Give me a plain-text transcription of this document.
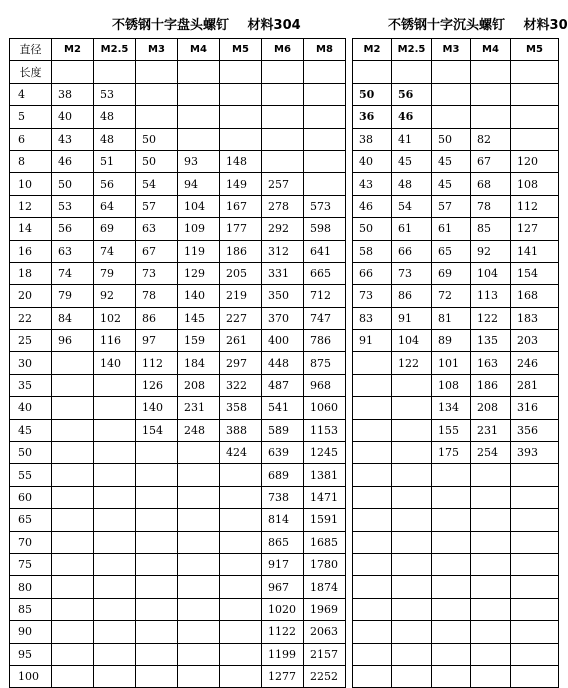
不锈钢十字盘头螺钉 材料304	不锈钢十字沉头螺钉 材料30
直径	M2	M2.5	M3	M4	M5	M6	M8
长度							
4	38	53					
5	40	48					
6	43	48	50				
8	46	51	50	93	148		
10	50	56	54	94	149	257	
12	53	64	57	104	167	278	573
14	56	69	63	109	177	292	598
16	63	74	67	119	186	312	641
18	74	79	73	129	205	331	665
20	79	92	78	140	219	350	712
22	84	102	86	145	227	370	747
25	96	116	97	159	261	400	786
30		140	112	184	297	448	875
35			126	208	322	487	968
40			140	231	358	541	1060
45			154	248	388	589	1153
50					424	639	1245
55						689	1381
60						738	1471
65						814	1591
70						865	1685
75						917	1780
80						967	1874
85						1020	1969
90						1122	2063
95						1199	2157
100						1277	2252
M2	M2.5	M3	M4	M5

50	56			
36	46			
38	41	50	82	
40	45	45	67	120
43	48	45	68	108
46	54	57	78	112
50	61	61	85	127
58	66	65	92	141
66	73	69	104	154
73	86	72	113	168
83	91	81	122	183
91	104	89	135	203
	122	101	163	246
		108	186	281
		134	208	316
		155	231	356
		175	254	393
